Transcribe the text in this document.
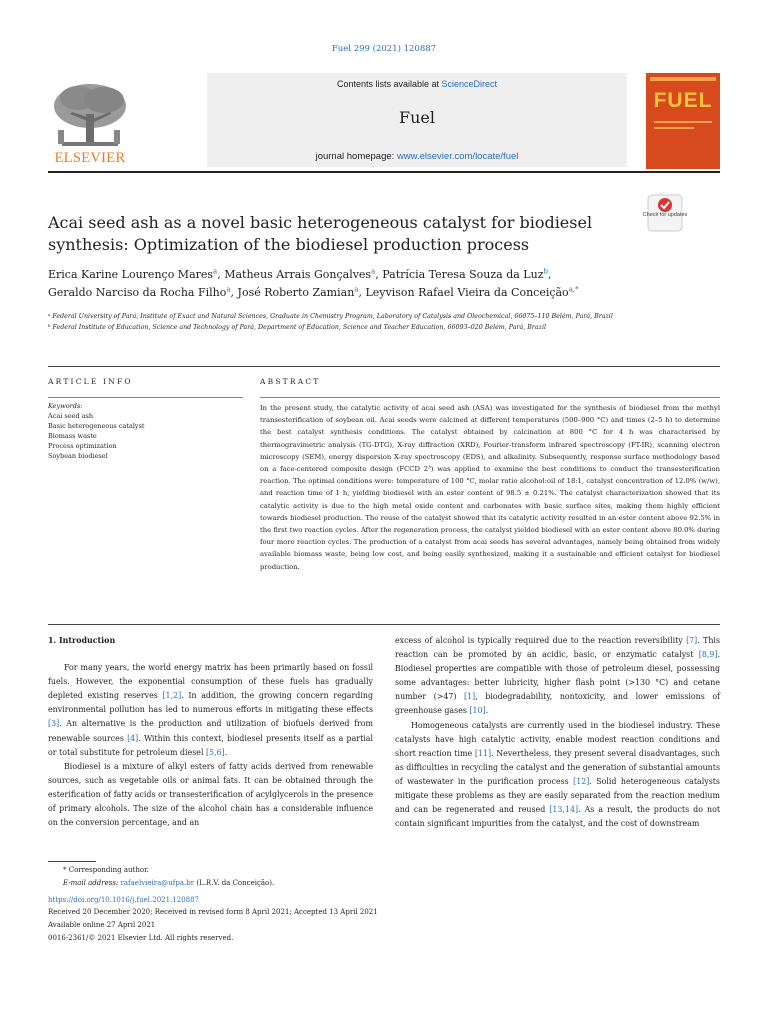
Fuel 299 (2021) 120887
Contents lists available at ScienceDirect
Fuel
journal homepage: www.elsevier.com/locate/fuel
ELSEVIER
FUEL
Check for updates
Acai seed ash as a novel basic heterogeneous catalyst for biodiesel synthesis: Optimization of the biodiesel production process
Erica Karine Lourenço Mares$^a$, Matheus Arrais Gonçalves$^a$, Patrícia Teresa Souza da Luz$^b$,
Geraldo Narciso da Rocha Filho$^a$, José Roberto Zamian$^a$, Leyvison Rafael Vieira da Conceição$^{a,*}$
ᵃ Federal University of Pará, Institute of Exact and Natural Sciences, Graduate in Chemistry Program, Laboratory of Catalysis and Oleochemical, 66075–110 Belém, Pará, Brazil
ᵇ Federal Institute of Education, Science and Technology of Pará, Department of Education, Science and Teacher Education, 66093–020 Belém, Pará, Brazil
ARTICLE INFO	ABSTRACT
Keywords:
Acai seed ash
Basic heterogeneous catalyst
Biomass waste
Process optimization
Soybean biodiesel
In the present study, the catalytic activity of acai seed ash (ASA) was investigated for the synthesis of biodiesel from the methyl transesterification of soybean oil. Acai seeds were calcined at different temperatures (500–900 °C) and times (2–5 h) to determine the best catalyst synthesis conditions. The catalyst obtained by calcination at 800 °C for 4 h was characterised by thermogravimetric analysis (TG-DTG), X-ray diffraction (XRD), Fourier-transform infrared spectroscopy (FT-IR), scanning electron microscopy (SEM), energy dispersion X-ray spectroscopy (EDS), and alkalinity. Subsequently, response surface methodology based on a face-centered composite design (FCCD 2³) was applied to examine the best conditions to conduct the transesterification reaction. The optimal conditions were: temperature of 100 °C, molar ratio alcohol:oil of 18:1, catalyst concentration of 12.0% (w/w), and reaction time of 1 h, yielding biodiesel with an ester content of 98.5 ± 0.21%. The catalyst characterization showed that its catalytic activity is due to the high metal oxide content and carbonates with basic surface sites, making them highly efficient towards biodiesel production. The reuse of the catalyst showed that its catalytic activity resulted in an ester content above 92.5% in the first two reaction cycles. After the regeneration process, the catalyst yielded biodiesel with an ester content above 80.0% during four more reaction cycles. The production of a catalyst from acai seeds has several advantages, namely being obtained from widely available biomass waste, being low cost, and being easily synthesized, making it a sustainable and efficient catalyst for biodiesel production.
1. Introduction

For many years, the world energy matrix has been primarily based on fossil fuels. However, the exponential consumption of these fuels has gradually depleted existing reserves [1,2]. In addition, the growing concern regarding environmental pollution has led to numerous efforts in mitigating these effects [3]. An alternative is the production and utilization of biofuels derived from renewable sources [4]. Within this context, biodiesel presents itself as a partial or total substitute for petroleum diesel [5,6].

Biodiesel is a mixture of alkyl esters of fatty acids derived from renewable sources, such as vegetable oils or animal fats. It can be obtained through the esterification of fatty acids or transesterification of acylglycerols in the presence of primary alcohols. The size of the alcohol chain has a considerable influence on the conversion percentage, and an

excess of alcohol is typically required due to the reaction reversibility [7]. This reaction can be promoted by an acidic, basic, or enzymatic catalyst [8,9]. Biodiesel properties are compatible with those of petroleum diesel, possessing some advantages: better lubricity, higher flash point (>130 °C) and cetane number (>47) [1], biodegradability, nontoxicity, and lower emissions of greenhouse gases [10].

Homogeneous catalysts are currently used in the biodiesel industry. These catalysts have high catalytic activity, enable modest reaction conditions and short reaction time [11]. Nevertheless, they present several disadvantages, such as difficulties in recycling the catalyst and the generation of substantial amounts of wastewater in the purification process [12]. Solid heterogeneous catalysts mitigate these problems as they are easily separated from the reaction medium and can be regenerated and reused [13,14]. As a result, the products do not contain significant impurities from the catalyst, and the cost of downstream

* Corresponding author.
E-mail address: rafaelvieira@ufpa.br (L.R.V. da Conceição).
https://doi.org/10.1016/j.fuel.2021.120887
Received 20 December 2020; Received in revised form 8 April 2021; Accepted 13 April 2021
Available online 27 April 2021
0016-2361/© 2021 Elsevier Ltd. All rights reserved.
